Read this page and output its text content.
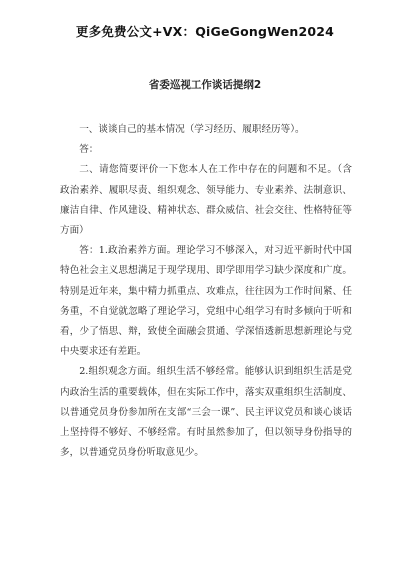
更多免费公文+VX：QiGeGongWen2024
省委巡视工作谈话提纲2

一、谈谈自己的基本情况（学习经历、履职经历等）。

答：

二、请您简要评价一下您本人在工作中存在的问题和不足。（含政治素养、履职尽责、组织观念、领导能力、专业素养、法制意识、廉洁自律、作风建设、精神状态、群众威信、社会交往、性格特征等方面）

答：1.政治素养方面。理论学习不够深入，对习近平新时代中国特色社会主义思想满足于现学现用、即学即用学习缺少深度和广度。特别是近年来，集中精力抓重点、攻难点，往往因为工作时间紧、任务重，不自觉就忽略了理论学习，党组中心组学习有时多倾向于听和看，少了悟思、辩，致使全面融会贯通、学深悟透新思想新理论与党中央要求还有差距。

2.组织观念方面。组织生活不够经常。能够认识到组织生活是党内政治生活的重要载体，但在实际工作中，落实双重组织生活制度、以普通党员身份参加所在支部“三会一课”、民主评议党员和谈心谈话上坚持得不够好、不够经常。有时虽然参加了，但以领导身份指导的多，以普通党员身份听取意见少。
